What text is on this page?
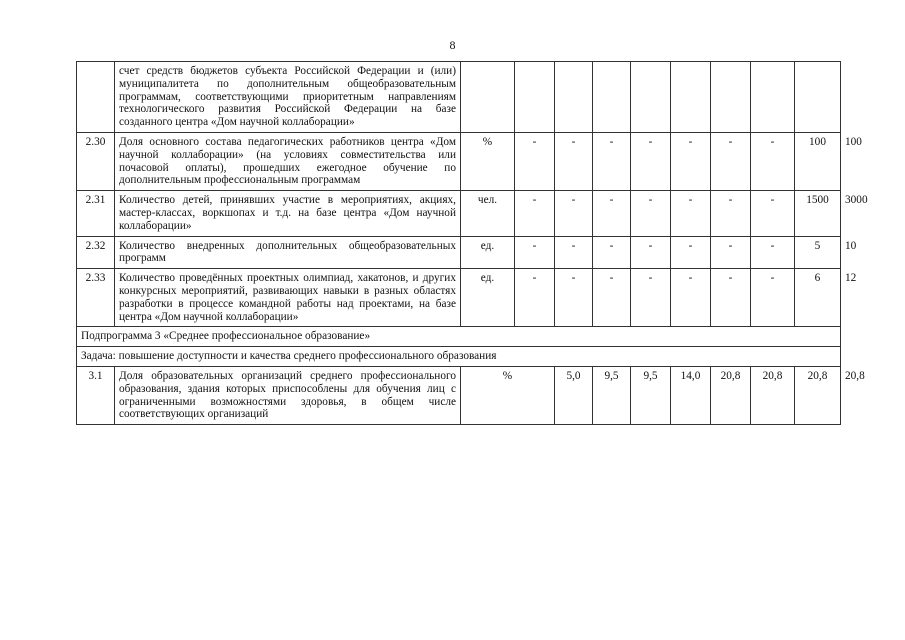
8
	счет средств бюджетов субъекта Российской Федерации и (или) муниципалитета по дополнительным общеобразовательным программам, соответствующими приоритетным направлениям технологического развития Российской Федерации на базе созданного центра «Дом научной коллаборации»										
2.30	Доля основного состава педагогических работников центра «Дом научной коллаборации» (на условиях совместительства или почасовой оплаты), прошедших ежегодное обучение по дополнительным профессиональным программам	%	-	-	-	-	-	-	-	100	100
2.31	Количество детей, принявших участие в мероприятиях, акциях, мастер-классах, воркшопах и т.д. на базе центра «Дом научной коллаборации»	чел.	-	-	-	-	-	-	-	1500	3000
2.32	Количество внедренных дополнительных общеобразовательных программ	ед.	-	-	-	-	-	-	-	5	10
2.33	Количество проведённых проектных олимпиад, хакатонов, и других конкурсных мероприятий, развивающих навыки в разных областях разработки в процессе командной работы над проектами, на базе центра «Дом научной коллаборации»	ед.	-	-	-	-	-	-	-	6	12
Подпрограмма 3 «Среднее профессиональное образование»											
Задача: повышение доступности и качества среднего профессионального образования											
3.1	Доля образовательных организаций среднего профессионального образования, здания которых приспособлены для обучения лиц с ограниченными возможностями здоровья, в общем числе соответствующих организаций	%		5,0	9,5	9,5	14,0	20,8	20,8	20,8	20,8
